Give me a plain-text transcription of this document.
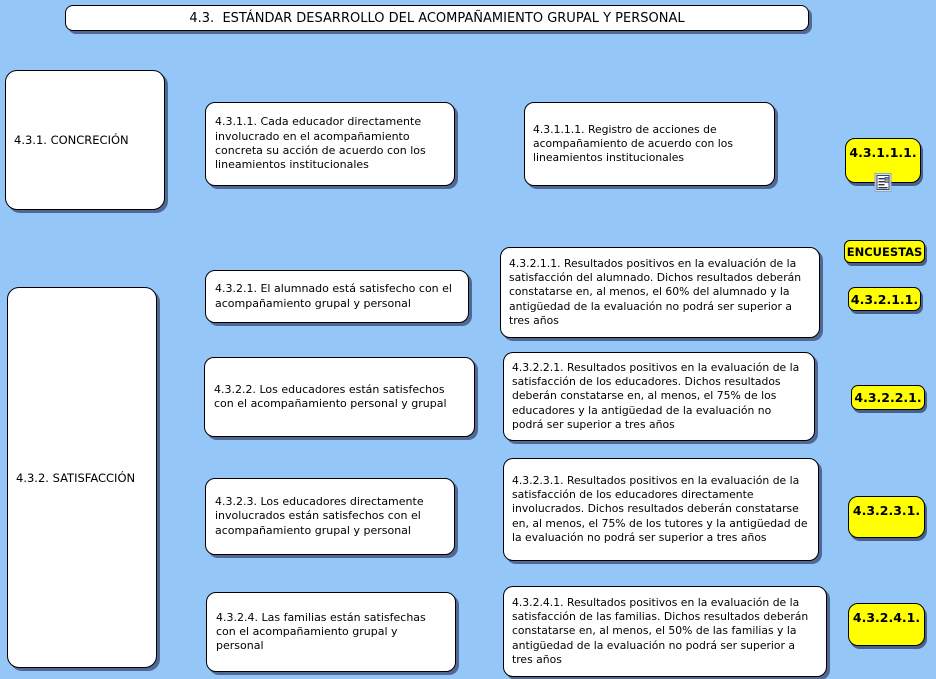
4.3.  ESTÁNDAR DESARROLLO DEL ACOMPAÑAMIENTO GRUPAL Y PERSONAL
4.3.1. CONCRECIÓN
4.3.2. SATISFACCIÓN
4.3.1.1. Cada educador directamente involucrado en el acompañamiento concreta su acción de acuerdo con los lineamientos institucionales
4.3.1.1.1. Registro de acciones de acompañamiento de acuerdo con los lineamientos institucionales	4.3.1.1.1.
ENCUESTAS
4.3.2.1. El alumnado está satisfecho con el acompañamiento grupal y personal
4.3.2.1.1. Resultados positivos en la evaluación de la satisfacción del alumnado. Dichos resultados deberán constatarse en, al menos, el 60% del alumnado y la antigüedad de la evaluación no podrá ser superior a tres años
4.3.2.1.1.
4.3.2.2. Los educadores están satisfechos con el acompañamiento personal y grupal
4.3.2.2.1. Resultados positivos en la evaluación de la satisfacción de los educadores. Dichos resultados deberán constatarse en, al menos, el 75% de los educadores y la antigüedad de la evaluación no podrá ser superior a tres años
4.3.2.2.1.
4.3.2.3. Los educadores directamente involucrados están satisfechos con el acompañamiento grupal y personal
4.3.2.3.1. Resultados positivos en la evaluación de la satisfacción de los educadores directamente involucrados. Dichos resultados deberán constatarse en, al menos, el 75% de los tutores y la antigüedad de la evaluación no podrá ser superior a tres años
4.3.2.3.1.
4.3.2.4. Las familias están satisfechas con el acompañamiento grupal y personal
4.3.2.4.1. Resultados positivos en la evaluación de la satisfacción de las familias. Dichos resultados deberán constatarse en, al menos, el 50% de las familias y la antigüedad de la evaluación no podrá ser superior a tres años
4.3.2.4.1.
